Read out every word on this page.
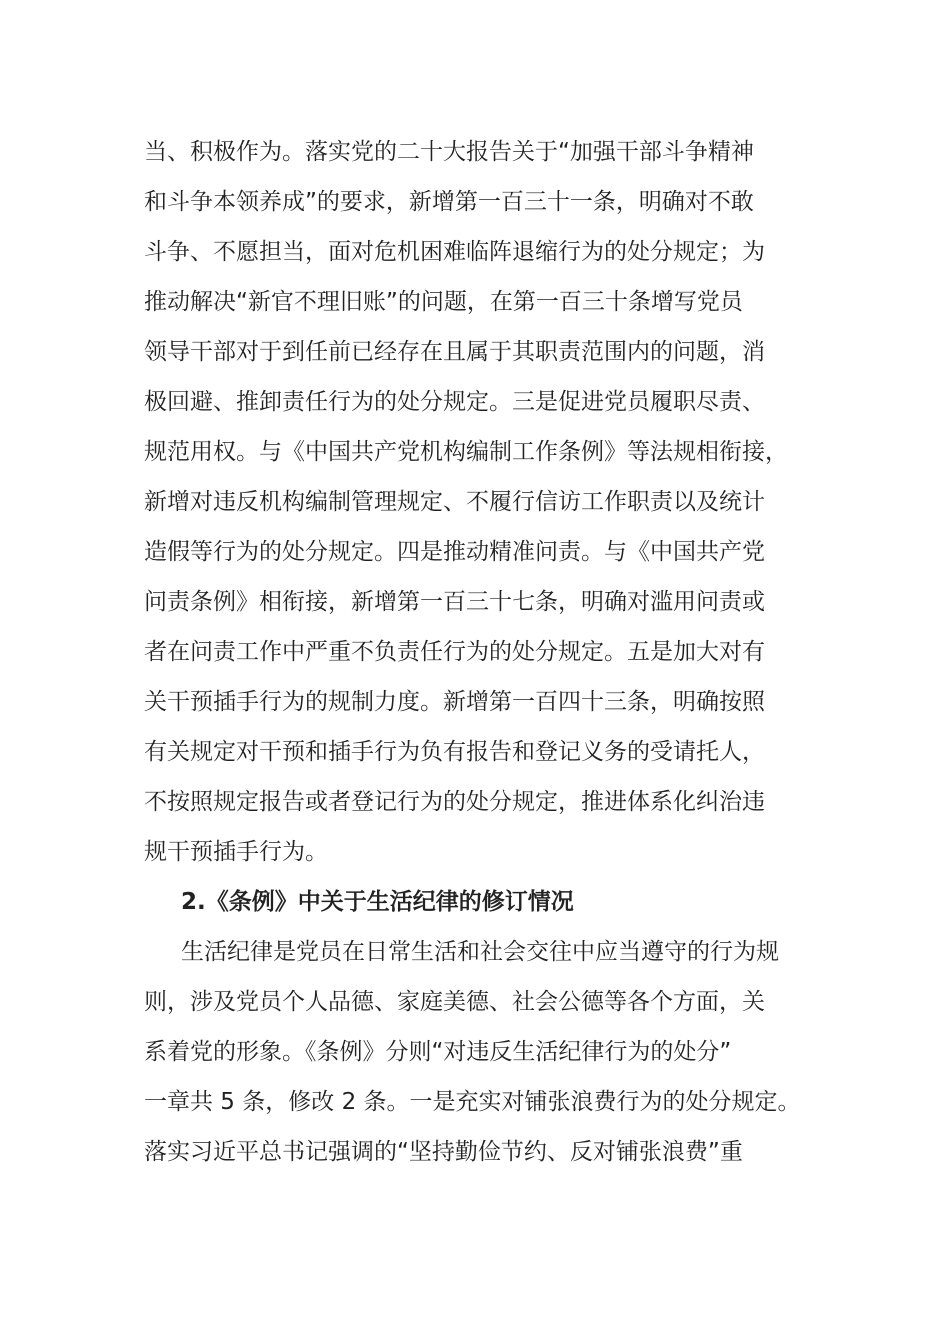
当、积极作为。落实党的二十大报告关于“加强干部斗争精神
和斗争本领养成”的要求，新增第一百三十一条，明确对不敢
斗争、不愿担当，面对危机困难临阵退缩行为的处分规定；为
推动解决“新官不理旧账”的问题，在第一百三十条增写党员
领导干部对于到任前已经存在且属于其职责范围内的问题，消
极回避、推卸责任行为的处分规定。三是促进党员履职尽责、
规范用权。与《中国共产党机构编制工作条例》等法规相衔接，
新增对违反机构编制管理规定、不履行信访工作职责以及统计
造假等行为的处分规定。四是推动精准问责。与《中国共产党
问责条例》相衔接，新增第一百三十七条，明确对滥用问责或
者在问责工作中严重不负责任行为的处分规定。五是加大对有
关干预插手行为的规制力度。新增第一百四十三条，明确按照
有关规定对干预和插手行为负有报告和登记义务的受请托人，
不按照规定报告或者登记行为的处分规定，推进体系化纠治违
规干预插手行为。
2.《条例》中关于生活纪律的修订情况
生活纪律是党员在日常生活和社会交往中应当遵守的行为规
则，涉及党员个人品德、家庭美德、社会公德等各个方面，关
系着党的形象。《条例》分则“对违反生活纪律行为的处分”
一章共 5 条，修改 2 条。一是充实对铺张浪费行为的处分规定。
落实习近平总书记强调的“坚持勤俭节约、反对铺张浪费”重
